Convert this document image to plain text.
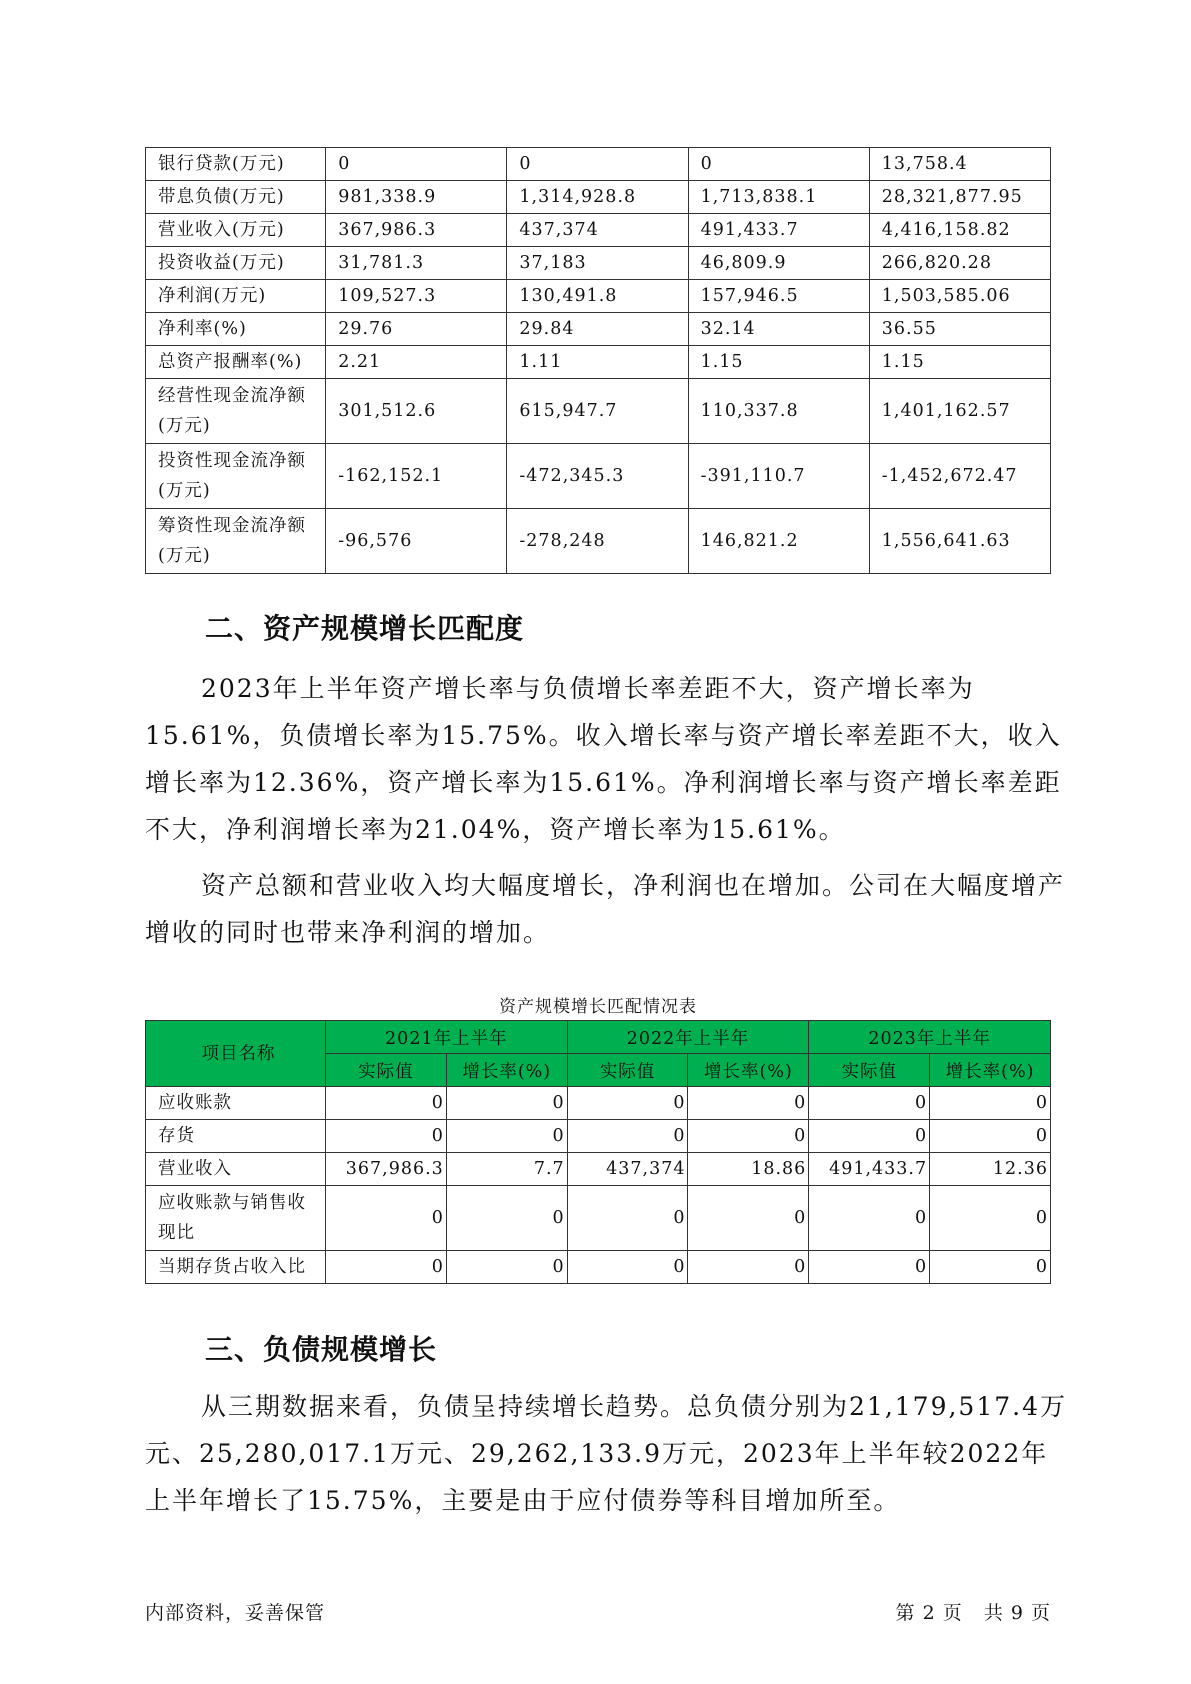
银行贷款(万元)	0	0	0	13,758.4
带息负债(万元)	981,338.9	1,314,928.8	1,713,838.1	28,321,877.95
营业收入(万元)	367,986.3	437,374	491,433.7	4,416,158.82
投资收益(万元)	31,781.3	37,183	46,809.9	266,820.28
净利润(万元)	109,527.3	130,491.8	157,946.5	1,503,585.06
净利率(%)	29.76	29.84	32.14	36.55
总资产报酬率(%)	2.21	1.11	1.15	1.15
经营性现金流净额(万元)	301,512.6	615,947.7	110,337.8	1,401,162.57
投资性现金流净额(万元)	-162,152.1	-472,345.3	-391,110.7	-1,452,672.47
筹资性现金流净额(万元)	-96,576	-278,248	146,821.2	1,556,641.63
二、资产规模增长匹配度

2023年上半年资产增长率与负债增长率差距不大，资产增长率为15.61%，负债增长率为15.75%。收入增长率与资产增长率差距不大，收入增长率为12.36%，资产增长率为15.61%。净利润增长率与资产增长率差距不大，净利润增长率为21.04%，资产增长率为15.61%。

资产总额和营业收入均大幅度增长，净利润也在增加。公司在大幅度增产增收的同时也带来净利润的增加。

资产规模增长匹配情况表
项目名称	2021年上半年		2022年上半年		2023年上半年	
	实际值	增长率(%)	实际值	增长率(%)	实际值	增长率(%)
应收账款	0	0	0	0	0	0
存货	0	0	0	0	0	0
营业收入	367,986.3	7.7	437,374	18.86	491,433.7	12.36
应收账款与销售收现比	0	0	0	0	0	0
当期存货占收入比	0	0	0	0	0	0
三、负债规模增长

从三期数据来看，负债呈持续增长趋势。总负债分别为21,179,517.4万元、25,280,017.1万元、29,262,133.9万元，2023年上半年较2022年上半年增长了15.75%，主要是由于应付债券等科目增加所至。

内部资料，妥善保管	第 2 页   共 9 页
